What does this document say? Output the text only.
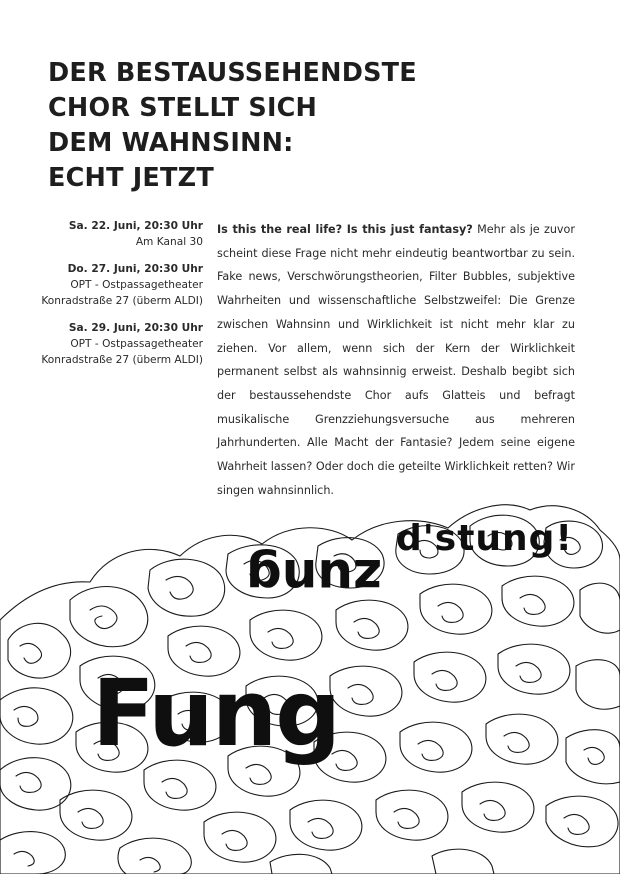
DER BESTAUSSEHENDSTE
CHOR STELLT SICH
DEM WAHNSINN:
ECHT JETZT
Sa. 22. Juni, 20:30 Uhr
Am Kanal 30
Do. 27. Juni, 20:30 Uhr
OPT - Ostpassagetheater
Konradstraße 27 (überm ALDI)
Sa. 29. Juni, 20:30 Uhr
OPT - Ostpassagetheater
Konradstraße 27 (überm ALDI)
Is this the real life? Is this just fantasy? Mehr als je zuvor scheint diese Frage nicht mehr eindeutig beantwortbar zu sein. Fake news, Verschwörungstheorien, Filter Bubbles, subjektive Wahrheiten und wissenschaftliche Selbstzweifel: Die Grenze zwischen Wahnsinn und Wirklichkeit ist nicht mehr klar zu ziehen. Vor allem, wenn sich der Kern der Wirklichkeit permanent selbst als wahnsinnig erweist. Deshalb begibt sich der bestaussehendste Chor aufs Glatteis und befragt musikalische Grenzziehungsversuche aus mehreren Jahrhunderten. Alle Macht der Fantasie? Jedem seine eigene Wahrheit lassen? Oder doch die geteilte Wirklichkeit retten? Wir singen wahnsinnlich.
d'stung!
zung
Fung
